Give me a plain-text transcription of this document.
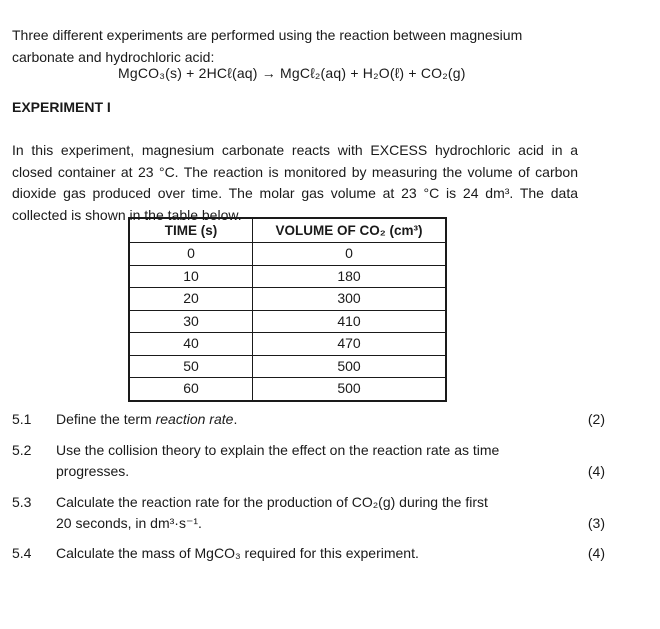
Three different experiments are performed using the reaction between magnesium carbonate and hydrochloric acid:

MgCO₃(s) + 2HCℓ(aq) → MgCℓ₂(aq) + H₂O(ℓ) + CO₂(g)
EXPERIMENT I

In this experiment, magnesium carbonate reacts with EXCESS hydrochloric acid in a closed container at 23 °C. The reaction is monitored by measuring the volume of carbon dioxide gas produced over time. The molar gas volume at 23 °C is 24 dm³. The data collected is shown in the table below.

TIME (s)	VOLUME OF CO₂ (cm³)
0	0
10	180
20	300
30	410
40	470
50	500
60	500
5.1	Define the term reaction rate.	(2)
5.2	Use the collision theory to explain the effect on the reaction rate as time
progresses.	(4)
5.3	Calculate the reaction rate for the production of CO₂(g) during the first
20 seconds, in dm³·s⁻¹.	(3)
5.4	Calculate the mass of MgCO₃ required for this experiment.	(4)
